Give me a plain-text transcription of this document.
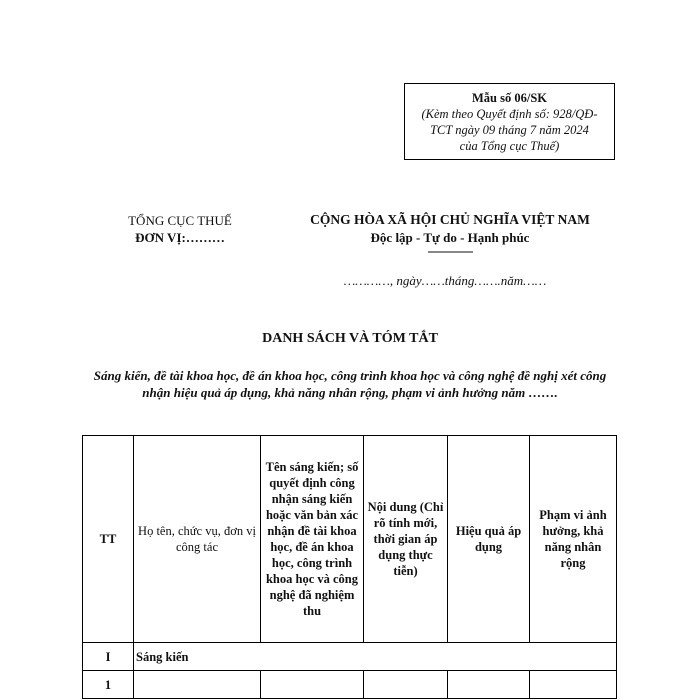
Mẫu số 06/SK
(Kèm theo Quyết định số: 928/QĐ-
TCT ngày 09 tháng 7 năm 2024
của Tổng cục Thuế)
TỔNG CỤC THUẾ
ĐƠN VỊ:………
CỘNG HÒA XÃ HỘI CHỦ NGHĨA VIỆT NAM
Độc lập - Tự do - Hạnh phúc
---------------
…………, ngày……tháng…….năm……
DANH SÁCH VÀ TÓM TẮT
Sáng kiến, đề tài khoa học, đề án khoa học, công trình khoa học và công nghệ đề nghị xét công nhận hiệu quả áp dụng, khả năng nhân rộng, phạm vi ảnh hưởng năm …….
TT	Họ tên, chức vụ, đơn vị công tác	Tên sáng kiến; số quyết định công nhận sáng kiến hoặc văn bản xác nhận đề tài khoa học, đề án khoa học, công trình khoa học và công nghệ đã nghiệm thu	Nội dung (Chỉ rõ tính mới, thời gian áp dụng thực tiễn)	Hiệu quả áp dụng	Phạm vi ảnh hưởng, khả năng nhân rộng
I	Sáng kiến				
1					
